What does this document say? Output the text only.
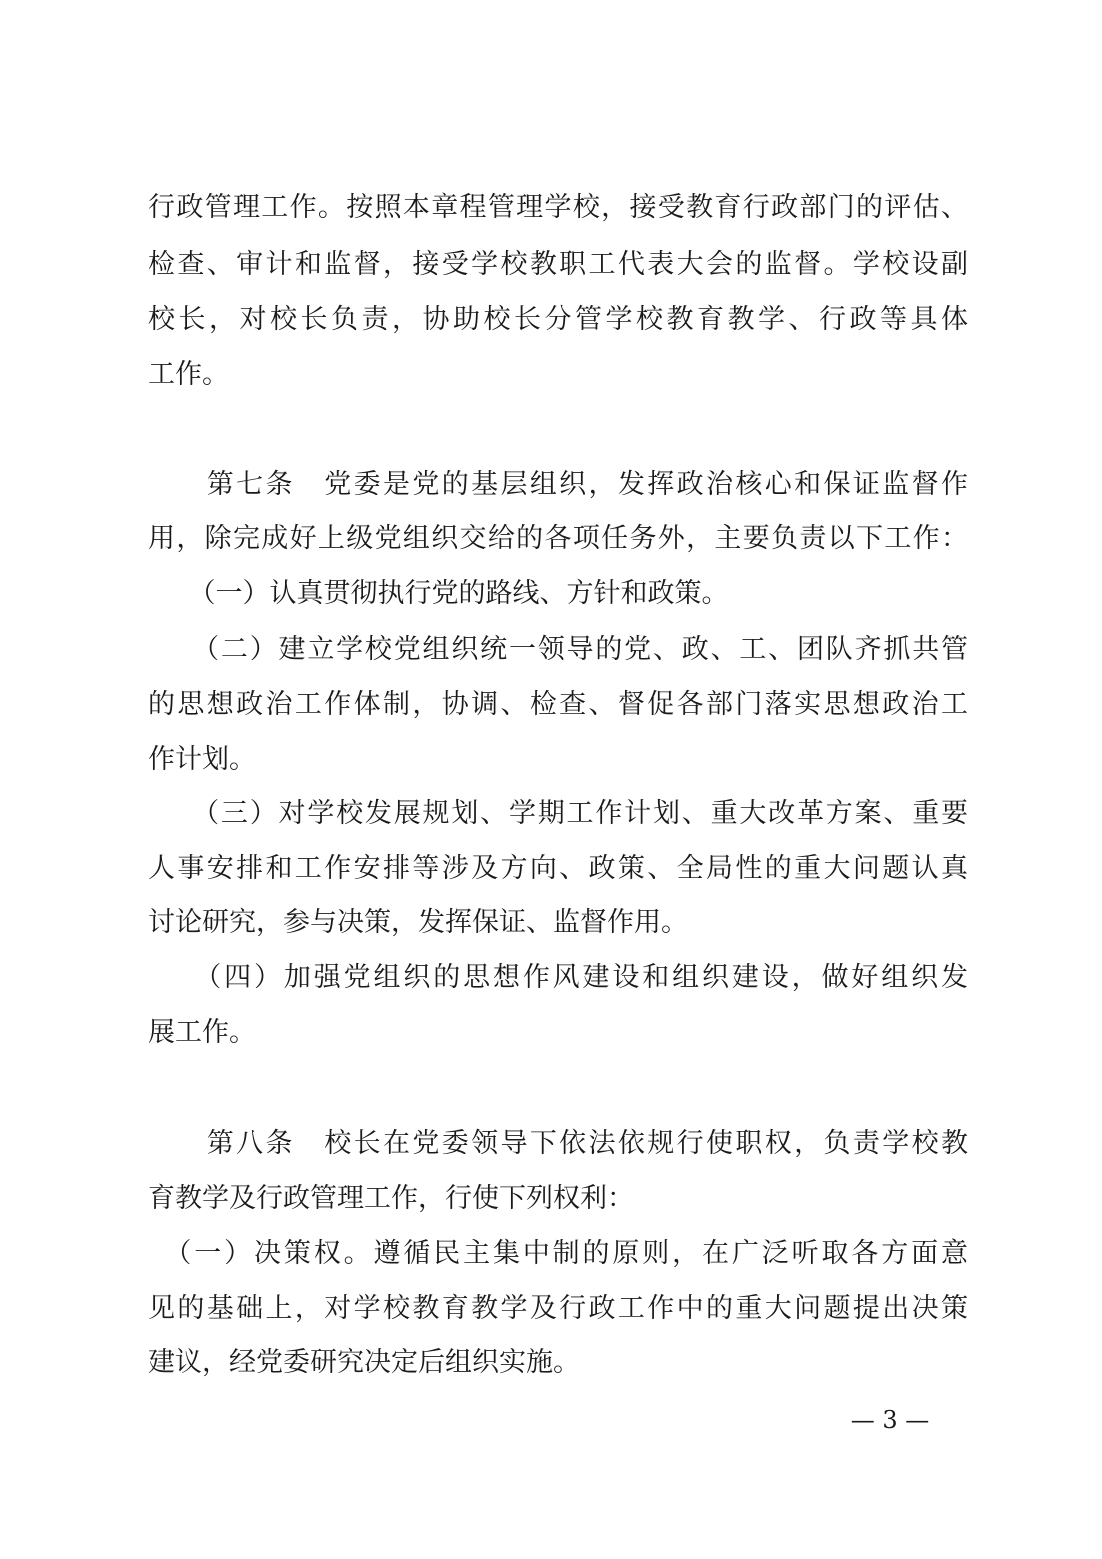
行政管理工作。按照本章程管理学校，接受教育行政部门的评估、

检查、审计和监督，接受学校教职工代表大会的监督。学校设副

校长，对校长负责，协助校长分管学校教育教学、行政等具体

工作。

　　第七条　党委是党的基层组织，发挥政治核心和保证监督作

用，除完成好上级党组织交给的各项任务外，主要负责以下工作：

　　（一）认真贯彻执行党的路线、方针和政策。

　　（二）建立学校党组织统一领导的党、政、工、团队齐抓共管

的思想政治工作体制，协调、检查、督促各部门落实思想政治工

作计划。

　　（三）对学校发展规划、学期工作计划、重大改革方案、重要

人事安排和工作安排等涉及方向、政策、全局性的重大问题认真

讨论研究，参与决策，发挥保证、监督作用。

　　（四）加强党组织的思想作风建设和组织建设，做好组织发

展工作。

　　第八条　校长在党委领导下依法依规行使职权，负责学校教

育教学及行政管理工作，行使下列权利：

　（一）决策权。遵循民主集中制的原则，在广泛听取各方面意

见的基础上，对学校教育教学及行政工作中的重大问题提出决策

建议，经党委研究决定后组织实施。

— 3 —
